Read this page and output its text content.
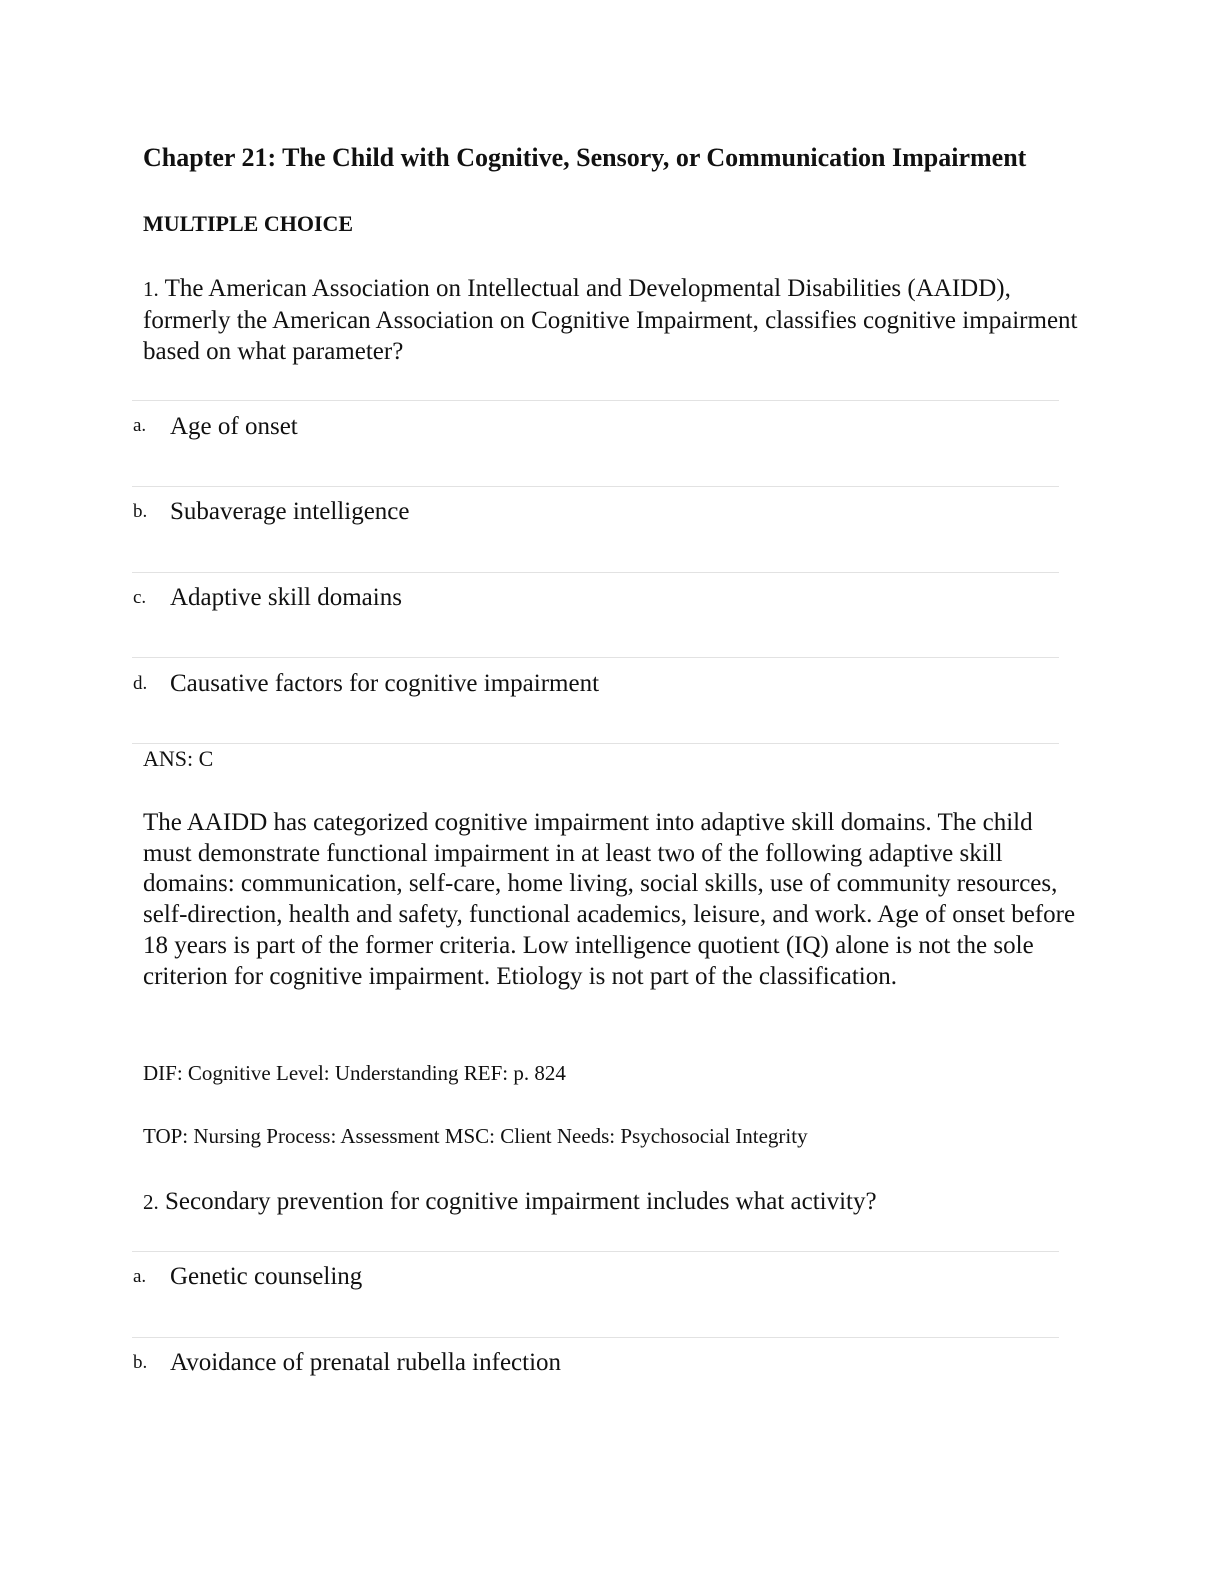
Chapter 21: The Child with Cognitive, Sensory, or Communication Impairment
MULTIPLE CHOICE

1. The American Association on Intellectual and Developmental Disabilities (AAIDD), formerly the American Association on Cognitive Impairment, classifies cognitive impairment based on what parameter?

a. Age of onset
b. Subaverage intelligence
c. Adaptive skill domains
d. Causative factors for cognitive impairment
ANS: C

The AAIDD has categorized cognitive impairment into adaptive skill domains. The child must demonstrate functional impairment in at least two of the following adaptive skill domains: communication, self-care, home living, social skills, use of community resources, self-direction, health and safety, functional academics, leisure, and work. Age of onset before 18 years is part of the former criteria. Low intelligence quotient (IQ) alone is not the sole criterion for cognitive impairment. Etiology is not part of the classification.

DIF: Cognitive Level: Understanding REF: p. 824
TOP: Nursing Process: Assessment MSC: Client Needs: Psychosocial Integrity

2. Secondary prevention for cognitive impairment includes what activity?

a. Genetic counseling
b. Avoidance of prenatal rubella infection
